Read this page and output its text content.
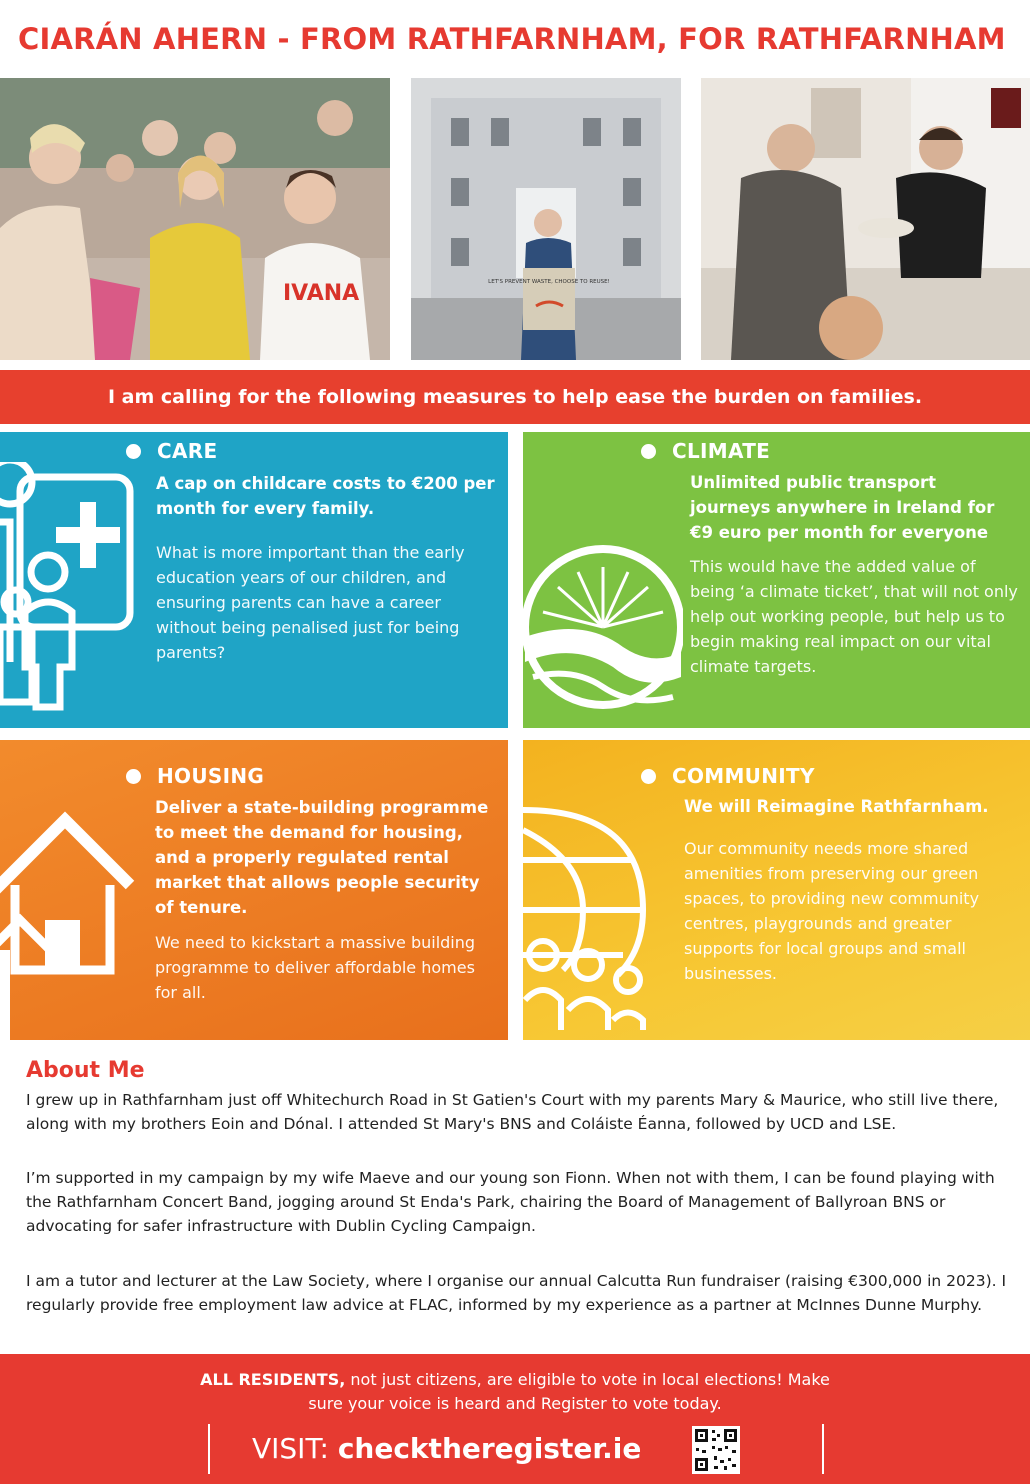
CIARÁN AHERN - FROM RATHFARNHAM, FOR RATHFARNHAM
IVANA	LET'S PREVENT WASTE, CHOOSE TO REUSE!
I am calling for the following measures to help ease the burden on families.
CARE
A cap on childcare costs to €200 per month for every family.
What is more important than the early education years of our children, and ensuring parents can have a career without being penalised just for being parents?
CLIMATE
Unlimited public transport journeys anywhere in Ireland for €9 euro per month for everyone
This would have the added value of being ‘a climate ticket’, that will not only help out working people, but help us to begin making real impact on our vital climate targets.
HOUSING
Deliver a state-building programme to meet the demand for housing, and a properly regulated rental market that allows people security of tenure.
We need to kickstart a massive building programme to deliver affordable homes for all.
COMMUNITY
We will Reimagine Rathfarnham.
Our community needs more shared amenities from preserving our green spaces, to providing new community centres, playgrounds and greater supports for local groups and small businesses.
About Me
I grew up in Rathfarnham just off Whitechurch Road in St Gatien's Court with my parents Mary & Maurice, who still live there, along with my brothers Eoin and Dónal. I attended St Mary's BNS and Coláiste Éanna, followed by UCD and LSE.
I’m supported in my campaign by my wife Maeve and our young son Fionn. When not with them, I can be found playing with the Rathfarnham Concert Band, jogging around St Enda's Park, chairing the Board of Management of Ballyroan BNS or advocating for safer infrastructure with Dublin Cycling Campaign.
I am a tutor and lecturer at the Law Society, where I organise our annual Calcutta Run fundraiser (raising €300,000 in 2023). I regularly provide free employment law advice at FLAC, informed by my experience as a partner at McInnes Dunne Murphy.
ALL RESIDENTS, not just citizens, are eligible to vote in local elections! Make
sure your voice is heard and Register to vote today.
VISIT: checktheregister.ie
